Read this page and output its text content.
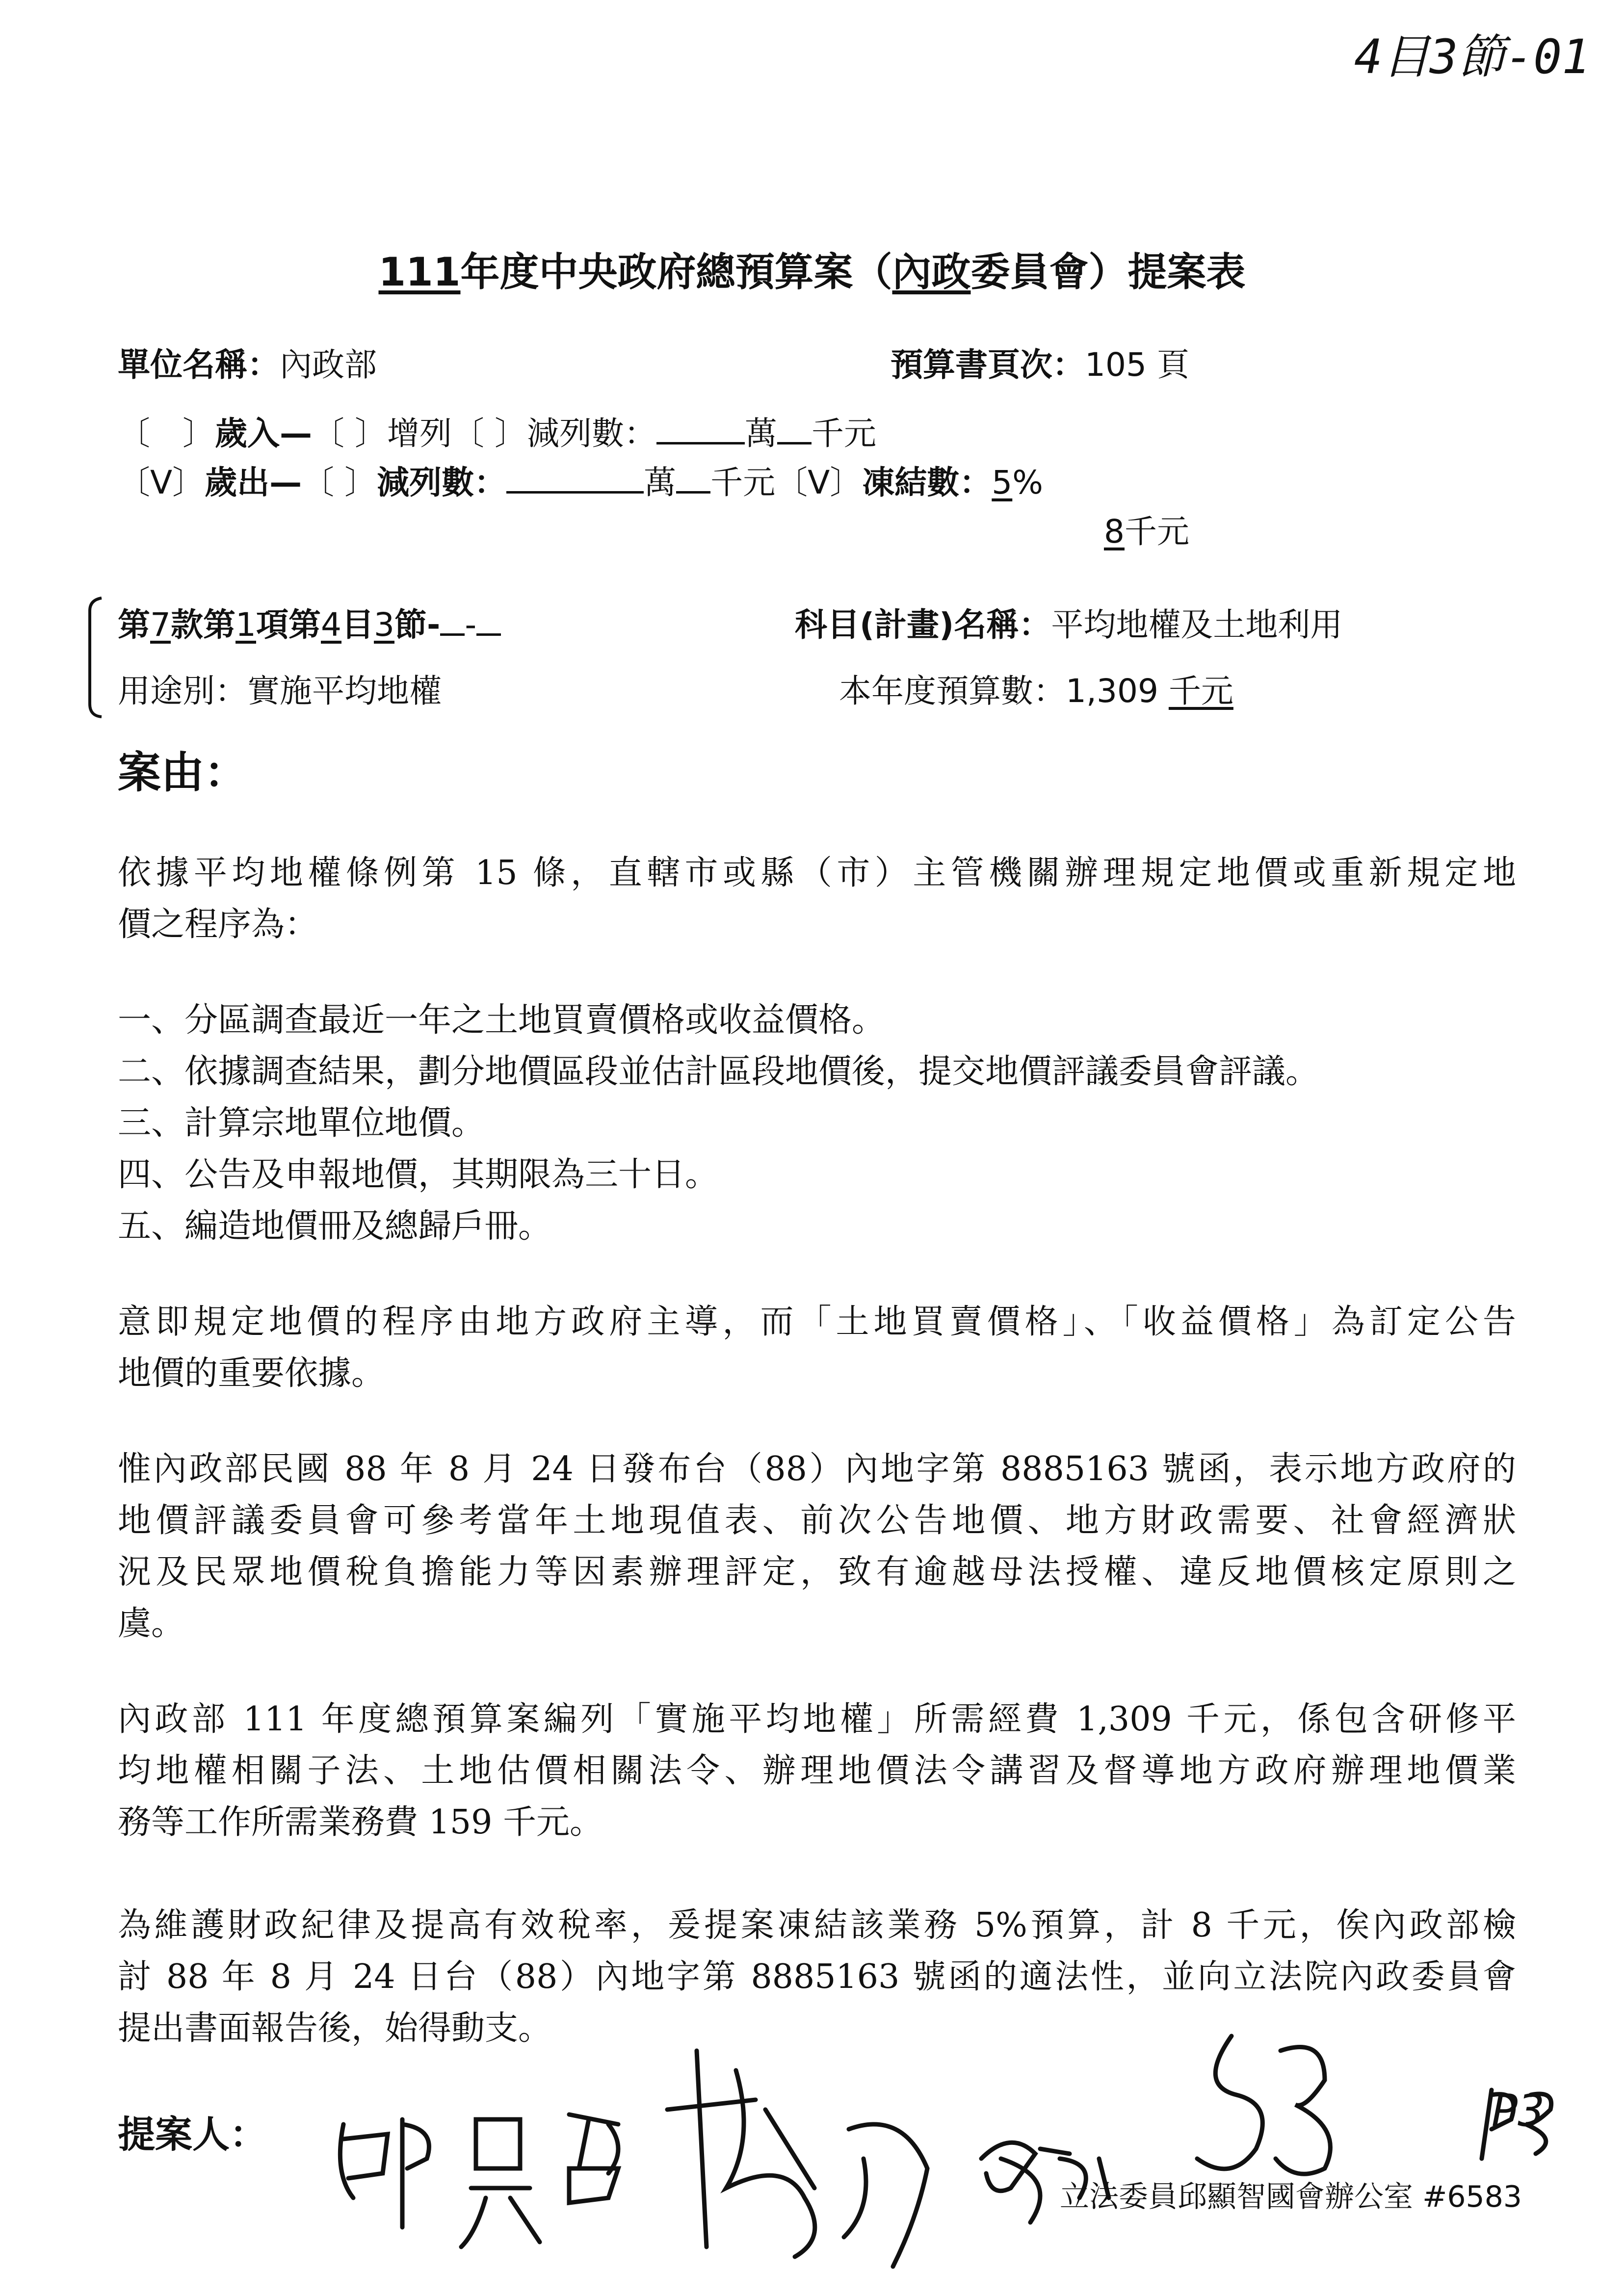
4目3節-01
111年度中央政府總預算案（內政委員會）提案表
單位名稱：內政部	預算書頁次：105 頁
〔　〕歲入—〔 〕增列〔 〕減列數：	萬 千元
〔V〕歲出—〔 〕減列數：	萬 千元〔V〕凍結數：5%
8千元
第7款第1項第4目3節- -	科目(計畫)名稱：平均地權及土地利用
用途別：實施平均地權	本年度預算數：1,309 千元
案由：
依據平均地權條例第 15 條，直轄市或縣（市）主管機關辦理規定地價或重新規定地
價之程序為：
一、分區調查最近一年之土地買賣價格或收益價格。
二、依據調查結果，劃分地價區段並估計區段地價後，提交地價評議委員會評議。
三、計算宗地單位地價。
四、公告及申報地價，其期限為三十日。
五、編造地價冊及總歸戶冊。
意即規定地價的程序由地方政府主導，而「土地買賣價格」、「收益價格」為訂定公告
地價的重要依據。
惟內政部民國 88 年 8 月 24 日發布台（88）內地字第 8885163 號函，表示地方政府的
地價評議委員會可參考當年土地現值表、前次公告地價、地方財政需要、社會經濟狀
況及民眾地價稅負擔能力等因素辦理評定，致有逾越母法授權、違反地價核定原則之
虞。
內政部 111 年度總預算案編列「實施平均地權」所需經費 1,309 千元，係包含研修平
均地權相關子法、土地估價相關法令、辦理地價法令講習及督導地方政府辦理地價業
務等工作所需業務費 159 千元。
為維護財政紀律及提高有效稅率，爰提案凍結該業務 5%預算，計 8 千元，俟內政部檢
討 88 年 8 月 24 日台（88）內地字第 8885163 號函的適法性，並向立法院內政委員會
提出書面報告後，始得動支。
提案人：
立法委員邱顯智國會辦公室 #6583
P3
